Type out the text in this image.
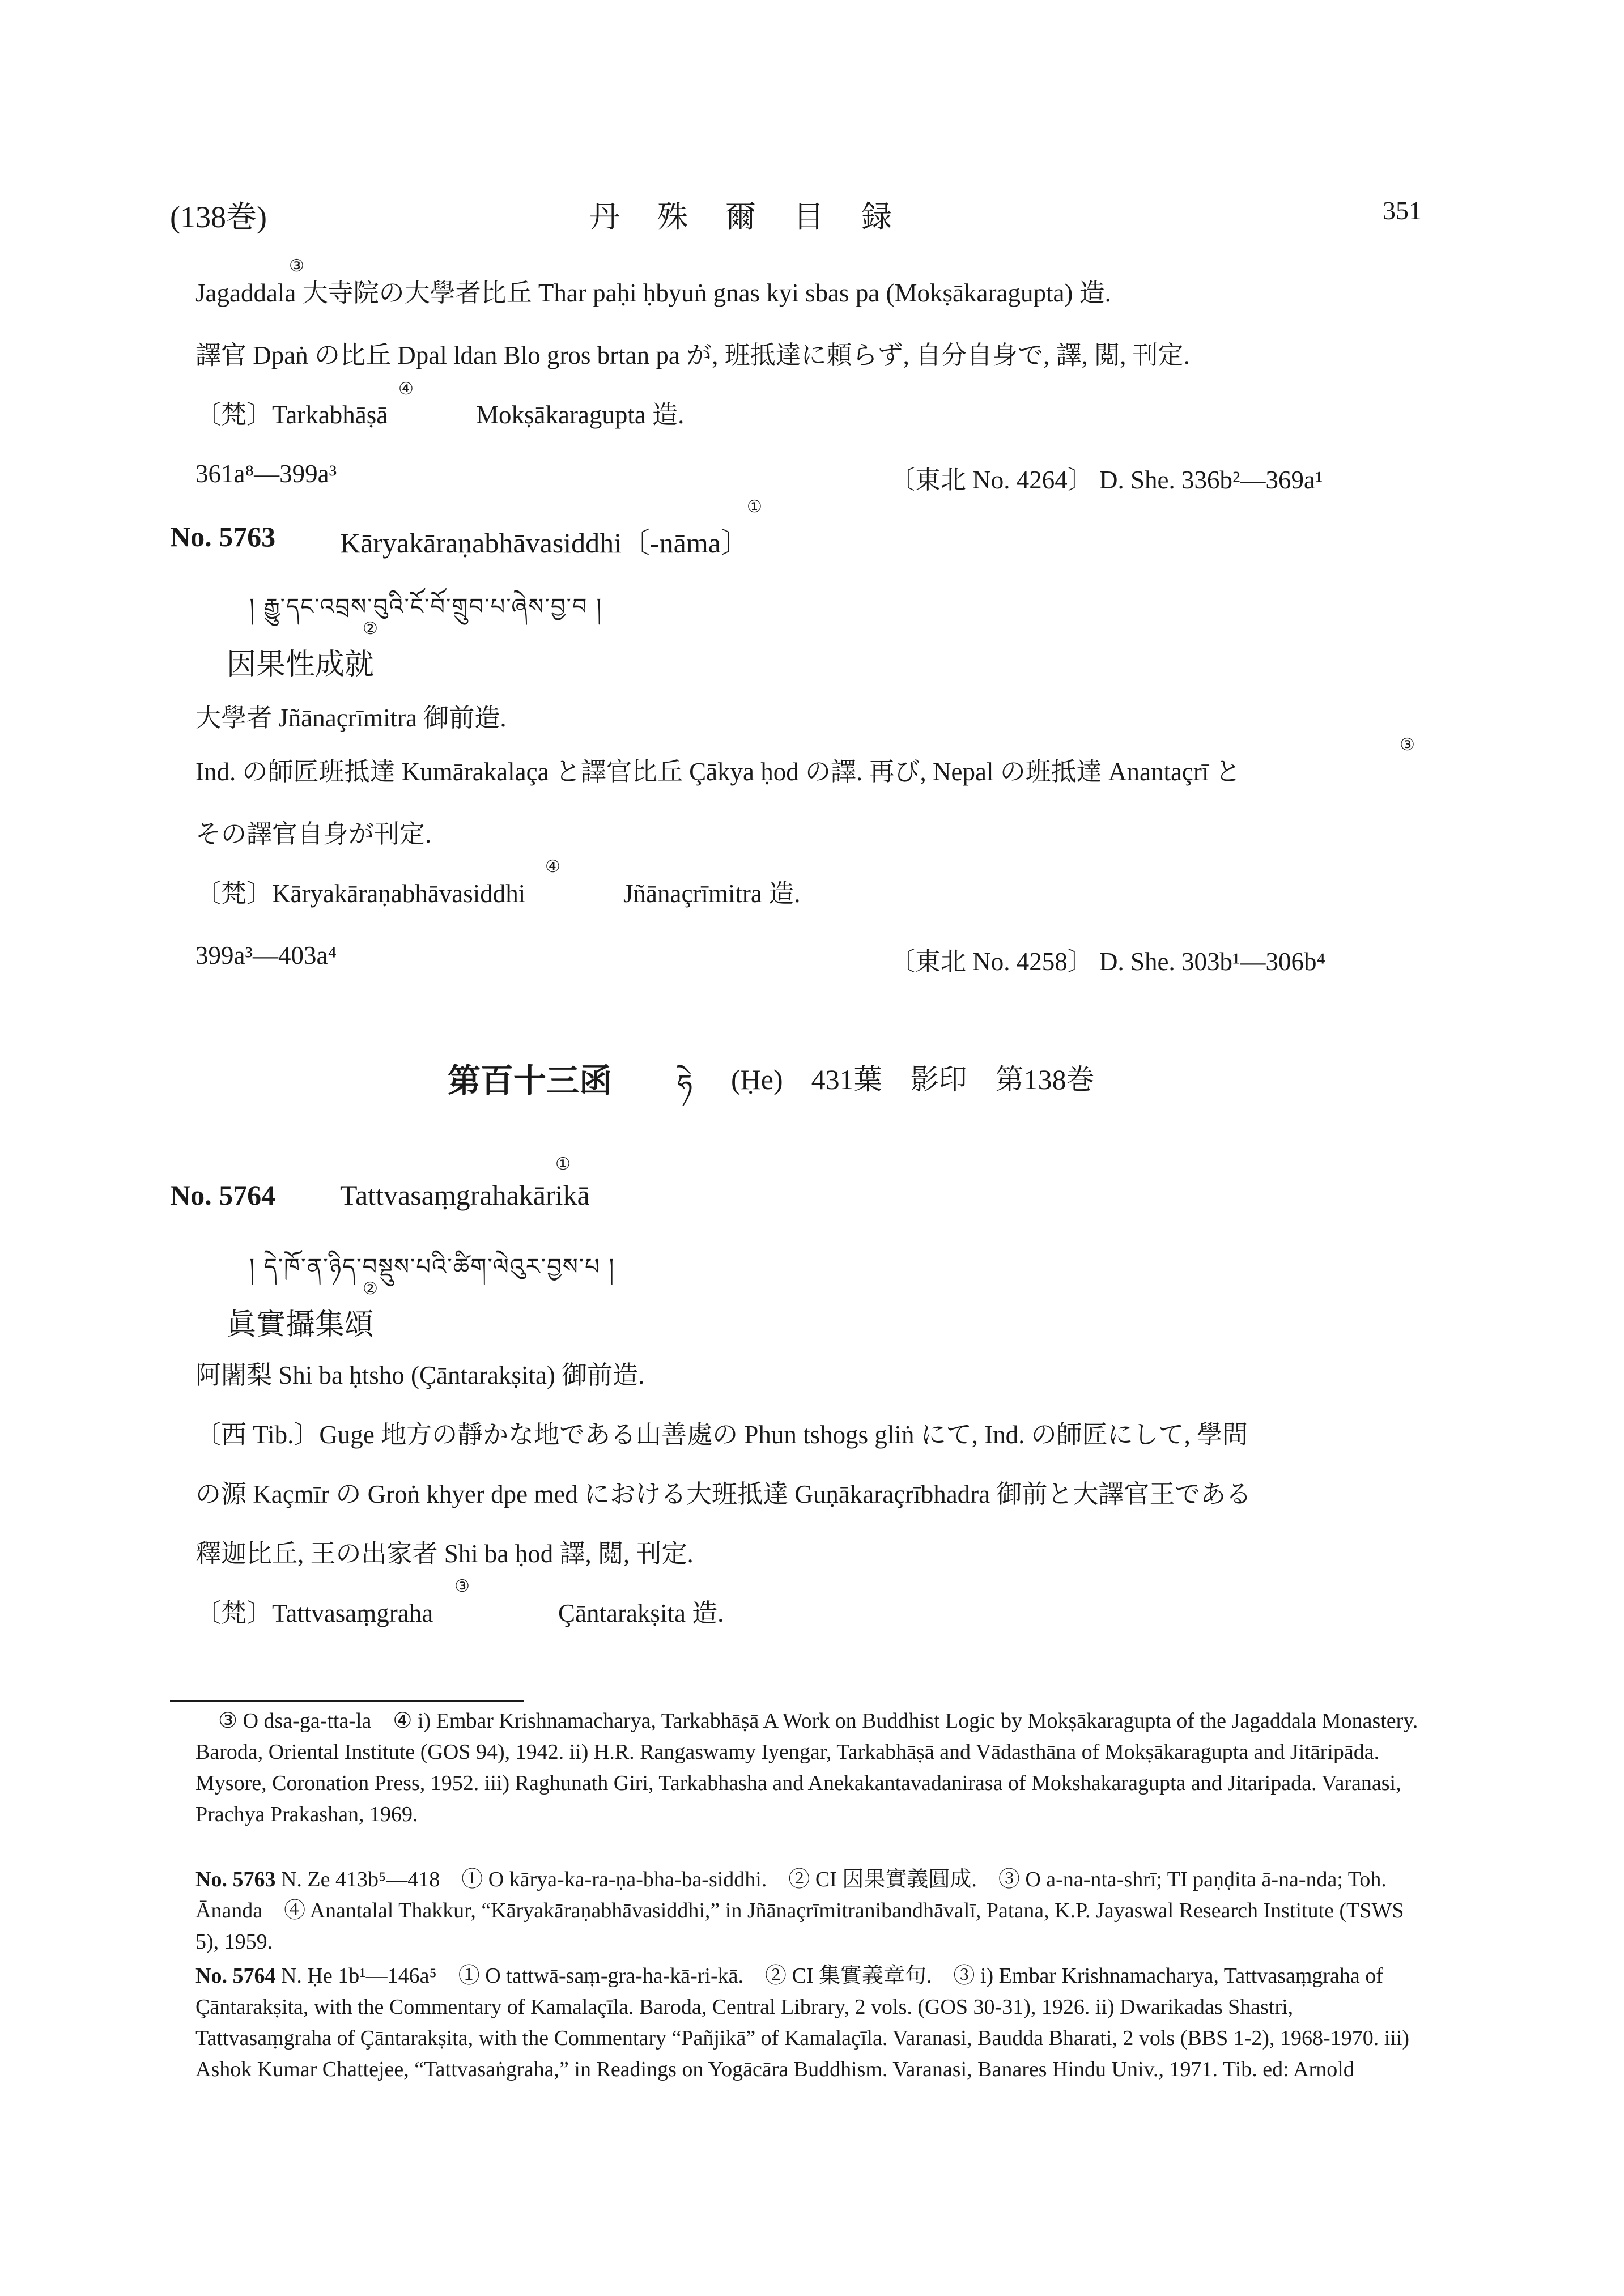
(138巻)	丹　殊　爾　目　録	351
③
Jagaddala 大寺院の大學者比丘 Thar paḥi ḥbyuṅ gnas kyi sbas pa (Mokṣākaragupta) 造.
譯官 Dpaṅ の比丘 Dpal ldan Blo gros brtan pa が, 班抵達に頼らず, 自分自身で, 譯, 閲, 刊定.
④
〔梵〕Tarkabhāṣā	Mokṣākaragupta 造.
361a⁸—399a³	〔東北 No. 4264〕 D. She. 336b²—369a¹
①
No. 5763 Kāryakāraṇabhāvasiddhi〔-nāma〕
། རྒྱུ་དང་འབྲས་བུའི་ངོ་བོ་གྲུབ་པ་ཞེས་བྱ་བ །
②
因果性成就
大學者 Jñānaçrīmitra 御前造.
③
Ind. の師匠班抵達 Kumārakalaça と譯官比丘 Çākya ḥod の譯. 再び, Nepal の班抵達 Anantaçrī と
その譯官自身が刊定.
④
〔梵〕Kāryakāraṇabhāvasiddhi	Jñānaçrīmitra 造.
399a³—403a⁴	〔東北 No. 4258〕 D. She. 303b¹—306b⁴
第百十三函 ཧེ (Ḥe)　431葉　影印　第138巻
①
No. 5764 Tattvasaṃgrahakārikā
། དེ་ཁོ་ན་ཉིད་བསྡུས་པའི་ཚིག་ལེའུར་བྱས་པ །
②
眞實攝集頌
阿闍梨 Shi ba ḥtsho (Çāntarakṣita) 御前造.
〔西 Tib.〕Guge 地方の靜かな地である山善處の Phun tshogs gliṅ にて, Ind. の師匠にして, 學問
の源 Kaçmīr の Groṅ khyer dpe med における大班抵達 Guṇākaraçrībhadra 御前と大譯官王である
釋迦比丘, 王の出家者 Shi ba ḥod 譯, 閲, 刊定.
③
〔梵〕Tattvasaṃgraha	Çāntarakṣita 造.
③ O dsa-ga-tta-la　④ i) Embar Krishnamacharya, Tarkabhāṣā A Work on Buddhist Logic by Mokṣākaragupta of the Jagaddala Monastery. Baroda, Oriental Institute (GOS 94), 1942. ii) H.R. Rangaswamy Iyengar, Tarkabhāṣā and Vādasthāna of Mokṣākaragupta and Jitāripāda. Mysore, Coronation Press, 1952. iii) Raghunath Giri, Tarkabhasha and Anekakantavadanirasa of Mokshakaragupta and Jitaripada. Varanasi, Prachya Prakashan, 1969.
No. 5763 N. Ze 413b⁵—418　① O kārya-ka-ra-ṇa-bha-ba-siddhi.　② CI 因果實義圓成.　③ O a-na-nta-shrī; TI paṇḍita ā-na-nda; Toh. Ānanda　④ Anantalal Thakkur, “Kāryakāraṇabhāvasiddhi,” in Jñānaçrīmitranibandhāvalī, Patana, K.P. Jayaswal Research Institute (TSWS 5), 1959.
No. 5764 N. Ḥe 1b¹—146a⁵　① O tattwā-saṃ-gra-ha-kā-ri-kā.　② CI 集實義章句.　③ i) Embar Krishnamacharya, Tattvasaṃgraha of Çāntarakṣita, with the Commentary of Kamalaçīla. Baroda, Central Library, 2 vols. (GOS 30-31), 1926. ii) Dwarikadas Shastri, Tattvasaṃgraha of Çāntarakṣita, with the Commentary “Pañjikā” of Kamalaçīla. Varanasi, Baudda Bharati, 2 vols (BBS 1-2), 1968-1970. iii) Ashok Kumar Chattejee, “Tattvasaṅgraha,” in Readings on Yogācāra Buddhism. Varanasi, Banares Hindu Univ., 1971. Tib. ed: Arnold
